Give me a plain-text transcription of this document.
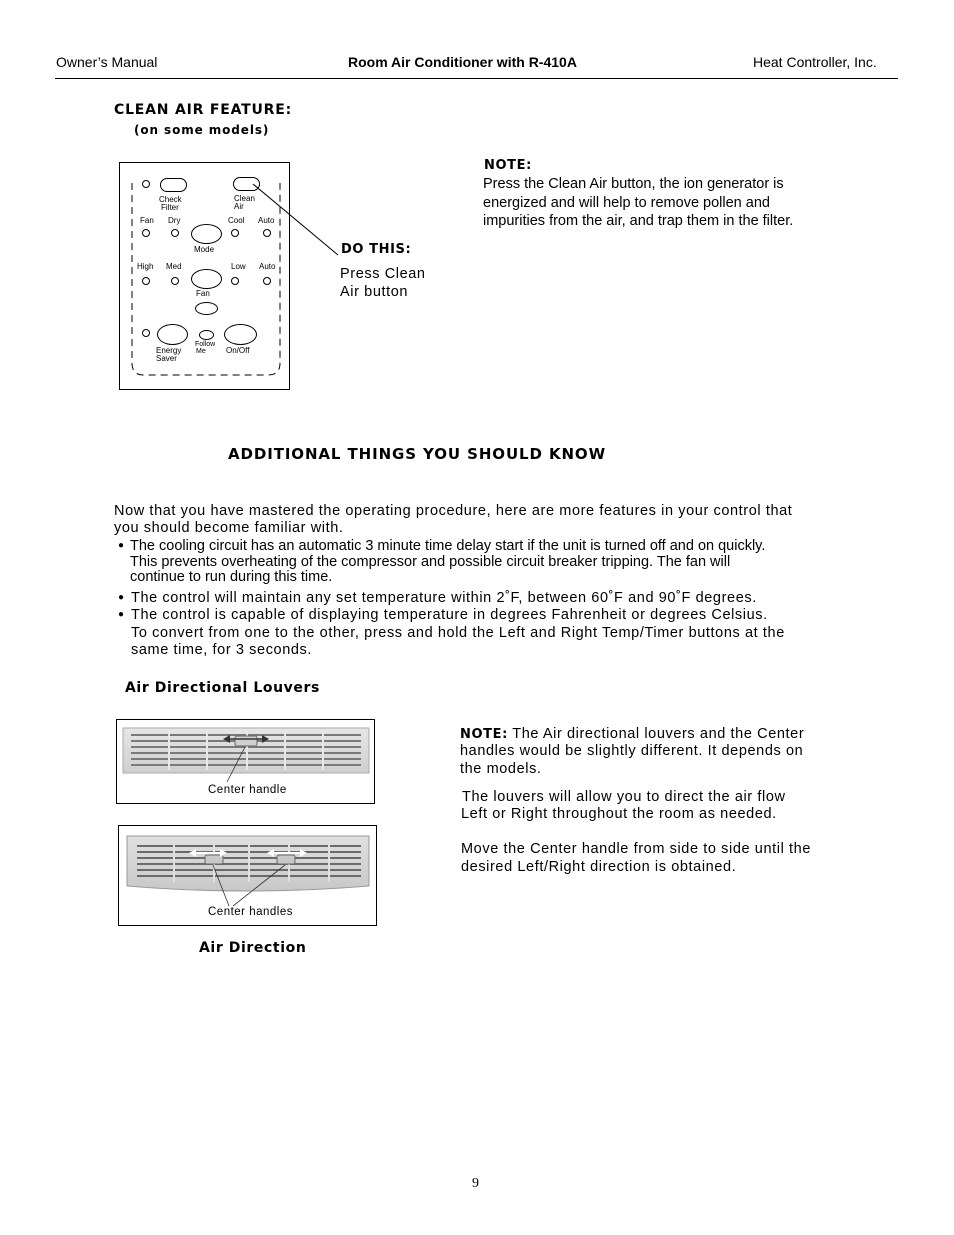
Owner’s Manual	Room Air Conditioner with R-410A	Heat Controller, Inc.
CLEAN AIR FEATURE:
(on some models)
Check
Filter
Clean
Air
Fan Dry	Cool Auto
Mode
High Med	Low Auto
Fan
Energy
Saver
Follow
Me	On/Off
DO THIS:
Press Clean
Air button
NOTE:
Press the Clean Air button, the ion generator is
energized and will help to remove pollen and
impurities from the air, and trap them in the filter.
ADDITIONAL THINGS YOU SHOULD KNOW
Now that you have mastered the operating procedure, here are more features in your control that
you should become familiar with.
● The cooling circuit has an automatic 3 minute time delay start if the unit is turned off and on quickly.
This prevents overheating of the compressor and possible circuit breaker tripping. The fan will
continue to run during this time.
● The control will maintain any set temperature within 2˚F, between 60˚F and 90˚F degrees.
● The control is capable of displaying temperature in degrees Fahrenheit or degrees Celsius.
To convert from one to the other, press and hold the Left and Right Temp/Timer buttons at the
same time, for 3 seconds.
Air Directional Louvers
Center handle
Center handles
Air Direction
NOTE: The Air directional louvers and the Center
handles would be slightly different. It depends on
the models.
The louvers will allow you to direct the air flow
Left or Right throughout the room as needed.
Move the Center handle from side to side until the
desired Left/Right direction is obtained.
9
